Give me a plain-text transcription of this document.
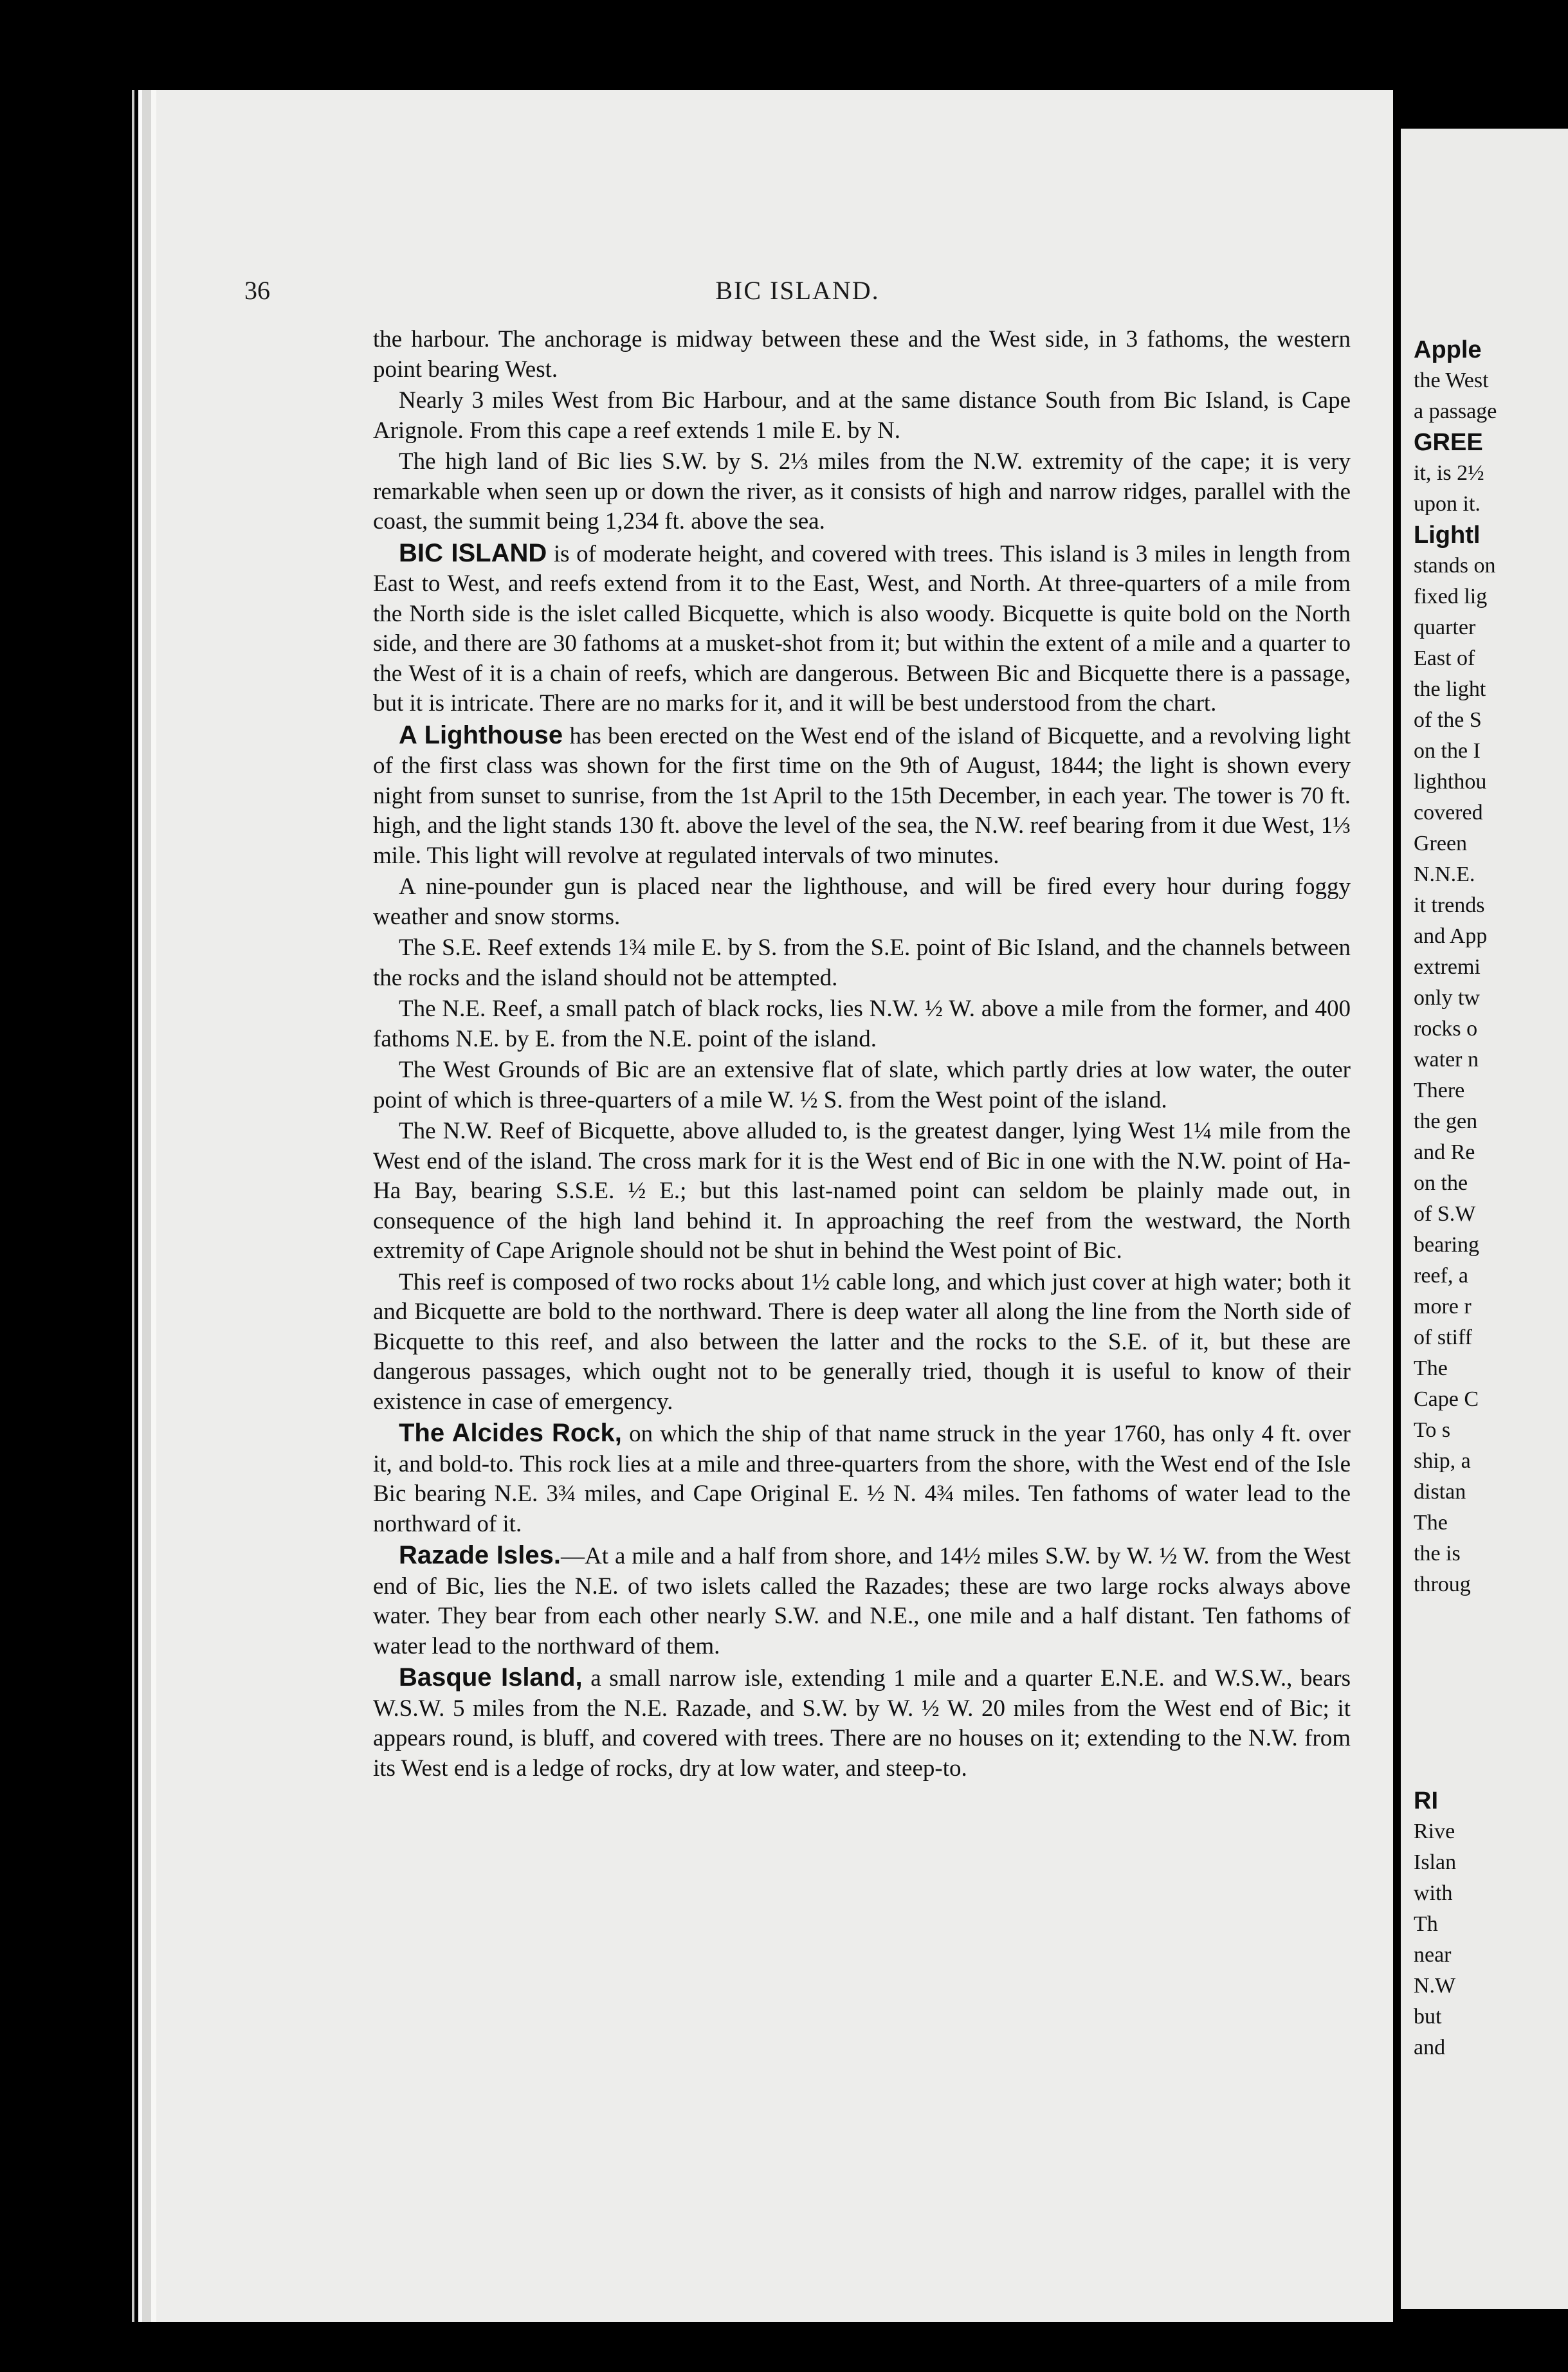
Apple
the West
a passage
GREE
it, is 2½
upon it.
Lightl
stands on
fixed lig
quarter
East of
the light
of the S
on the I
lighthou
covered
Green
N.N.E.
it trends
and App
extremi
only tw
rocks o
water n
There
the gen
and Re
on the
of S.W
bearing
reef, a
more r
of stiff
The
Cape C
To s
ship, a
distan
The
the is
throug
RI
Rive
Islan
with
Th
near
N.W
but
and
36	BIC ISLAND.

the harbour. The anchorage is midway between these and the West side, in 3 fathoms, the western point bearing West.

Nearly 3 miles West from Bic Harbour, and at the same distance South from Bic Island, is Cape Arignole. From this cape a reef extends 1 mile E. by N.

The high land of Bic lies S.W. by S. 2⅓ miles from the N.W. extremity of the cape; it is very remarkable when seen up or down the river, as it consists of high and narrow ridges, parallel with the coast, the summit being 1,234 ft. above the sea.

BIC ISLAND is of moderate height, and covered with trees. This island is 3 miles in length from East to West, and reefs extend from it to the East, West, and North. At three-quarters of a mile from the North side is the islet called Bicquette, which is also woody. Bicquette is quite bold on the North side, and there are 30 fathoms at a musket-shot from it; but within the extent of a mile and a quarter to the West of it is a chain of reefs, which are dangerous. Between Bic and Bicquette there is a passage, but it is intricate. There are no marks for it, and it will be best understood from the chart.

A Lighthouse has been erected on the West end of the island of Bicquette, and a revolving light of the first class was shown for the first time on the 9th of August, 1844; the light is shown every night from sunset to sunrise, from the 1st April to the 15th December, in each year. The tower is 70 ft. high, and the light stands 130 ft. above the level of the sea, the N.W. reef bearing from it due West, 1⅓ mile. This light will revolve at regulated intervals of two minutes.

A nine-pounder gun is placed near the lighthouse, and will be fired every hour during foggy weather and snow storms.

The S.E. Reef extends 1¾ mile E. by S. from the S.E. point of Bic Island, and the channels between the rocks and the island should not be attempted.

The N.E. Reef, a small patch of black rocks, lies N.W. ½ W. above a mile from the former, and 400 fathoms N.E. by E. from the N.E. point of the island.

The West Grounds of Bic are an extensive flat of slate, which partly dries at low water, the outer point of which is three-quarters of a mile W. ½ S. from the West point of the island.

The N.W. Reef of Bicquette, above alluded to, is the greatest danger, lying West 1¼ mile from the West end of the island. The cross mark for it is the West end of Bic in one with the N.W. point of Ha-Ha Bay, bearing S.S.E. ½ E.; but this last-named point can seldom be plainly made out, in consequence of the high land behind it. In approaching the reef from the westward, the North extremity of Cape Arignole should not be shut in behind the West point of Bic.

This reef is composed of two rocks about 1½ cable long, and which just cover at high water; both it and Bicquette are bold to the northward. There is deep water all along the line from the North side of Bicquette to this reef, and also between the latter and the rocks to the S.E. of it, but these are dangerous passages, which ought not to be generally tried, though it is useful to know of their existence in case of emergency.

The Alcides Rock, on which the ship of that name struck in the year 1760, has only 4 ft. over it, and bold-to. This rock lies at a mile and three-quarters from the shore, with the West end of the Isle Bic bearing N.E. 3¾ miles, and Cape Original E. ½ N. 4¾ miles. Ten fathoms of water lead to the northward of it.

Razade Isles.—At a mile and a half from shore, and 14½ miles S.W. by W. ½ W. from the West end of Bic, lies the N.E. of two islets called the Razades; these are two large rocks always above water. They bear from each other nearly S.W. and N.E., one mile and a half distant. Ten fathoms of water lead to the northward of them.

Basque Island, a small narrow isle, extending 1 mile and a quarter E.N.E. and W.S.W., bears W.S.W. 5 miles from the N.E. Razade, and S.W. by W. ½ W. 20 miles from the West end of Bic; it appears round, is bluff, and covered with trees. There are no houses on it; extending to the N.W. from its West end is a ledge of rocks, dry at low water, and steep-to.
